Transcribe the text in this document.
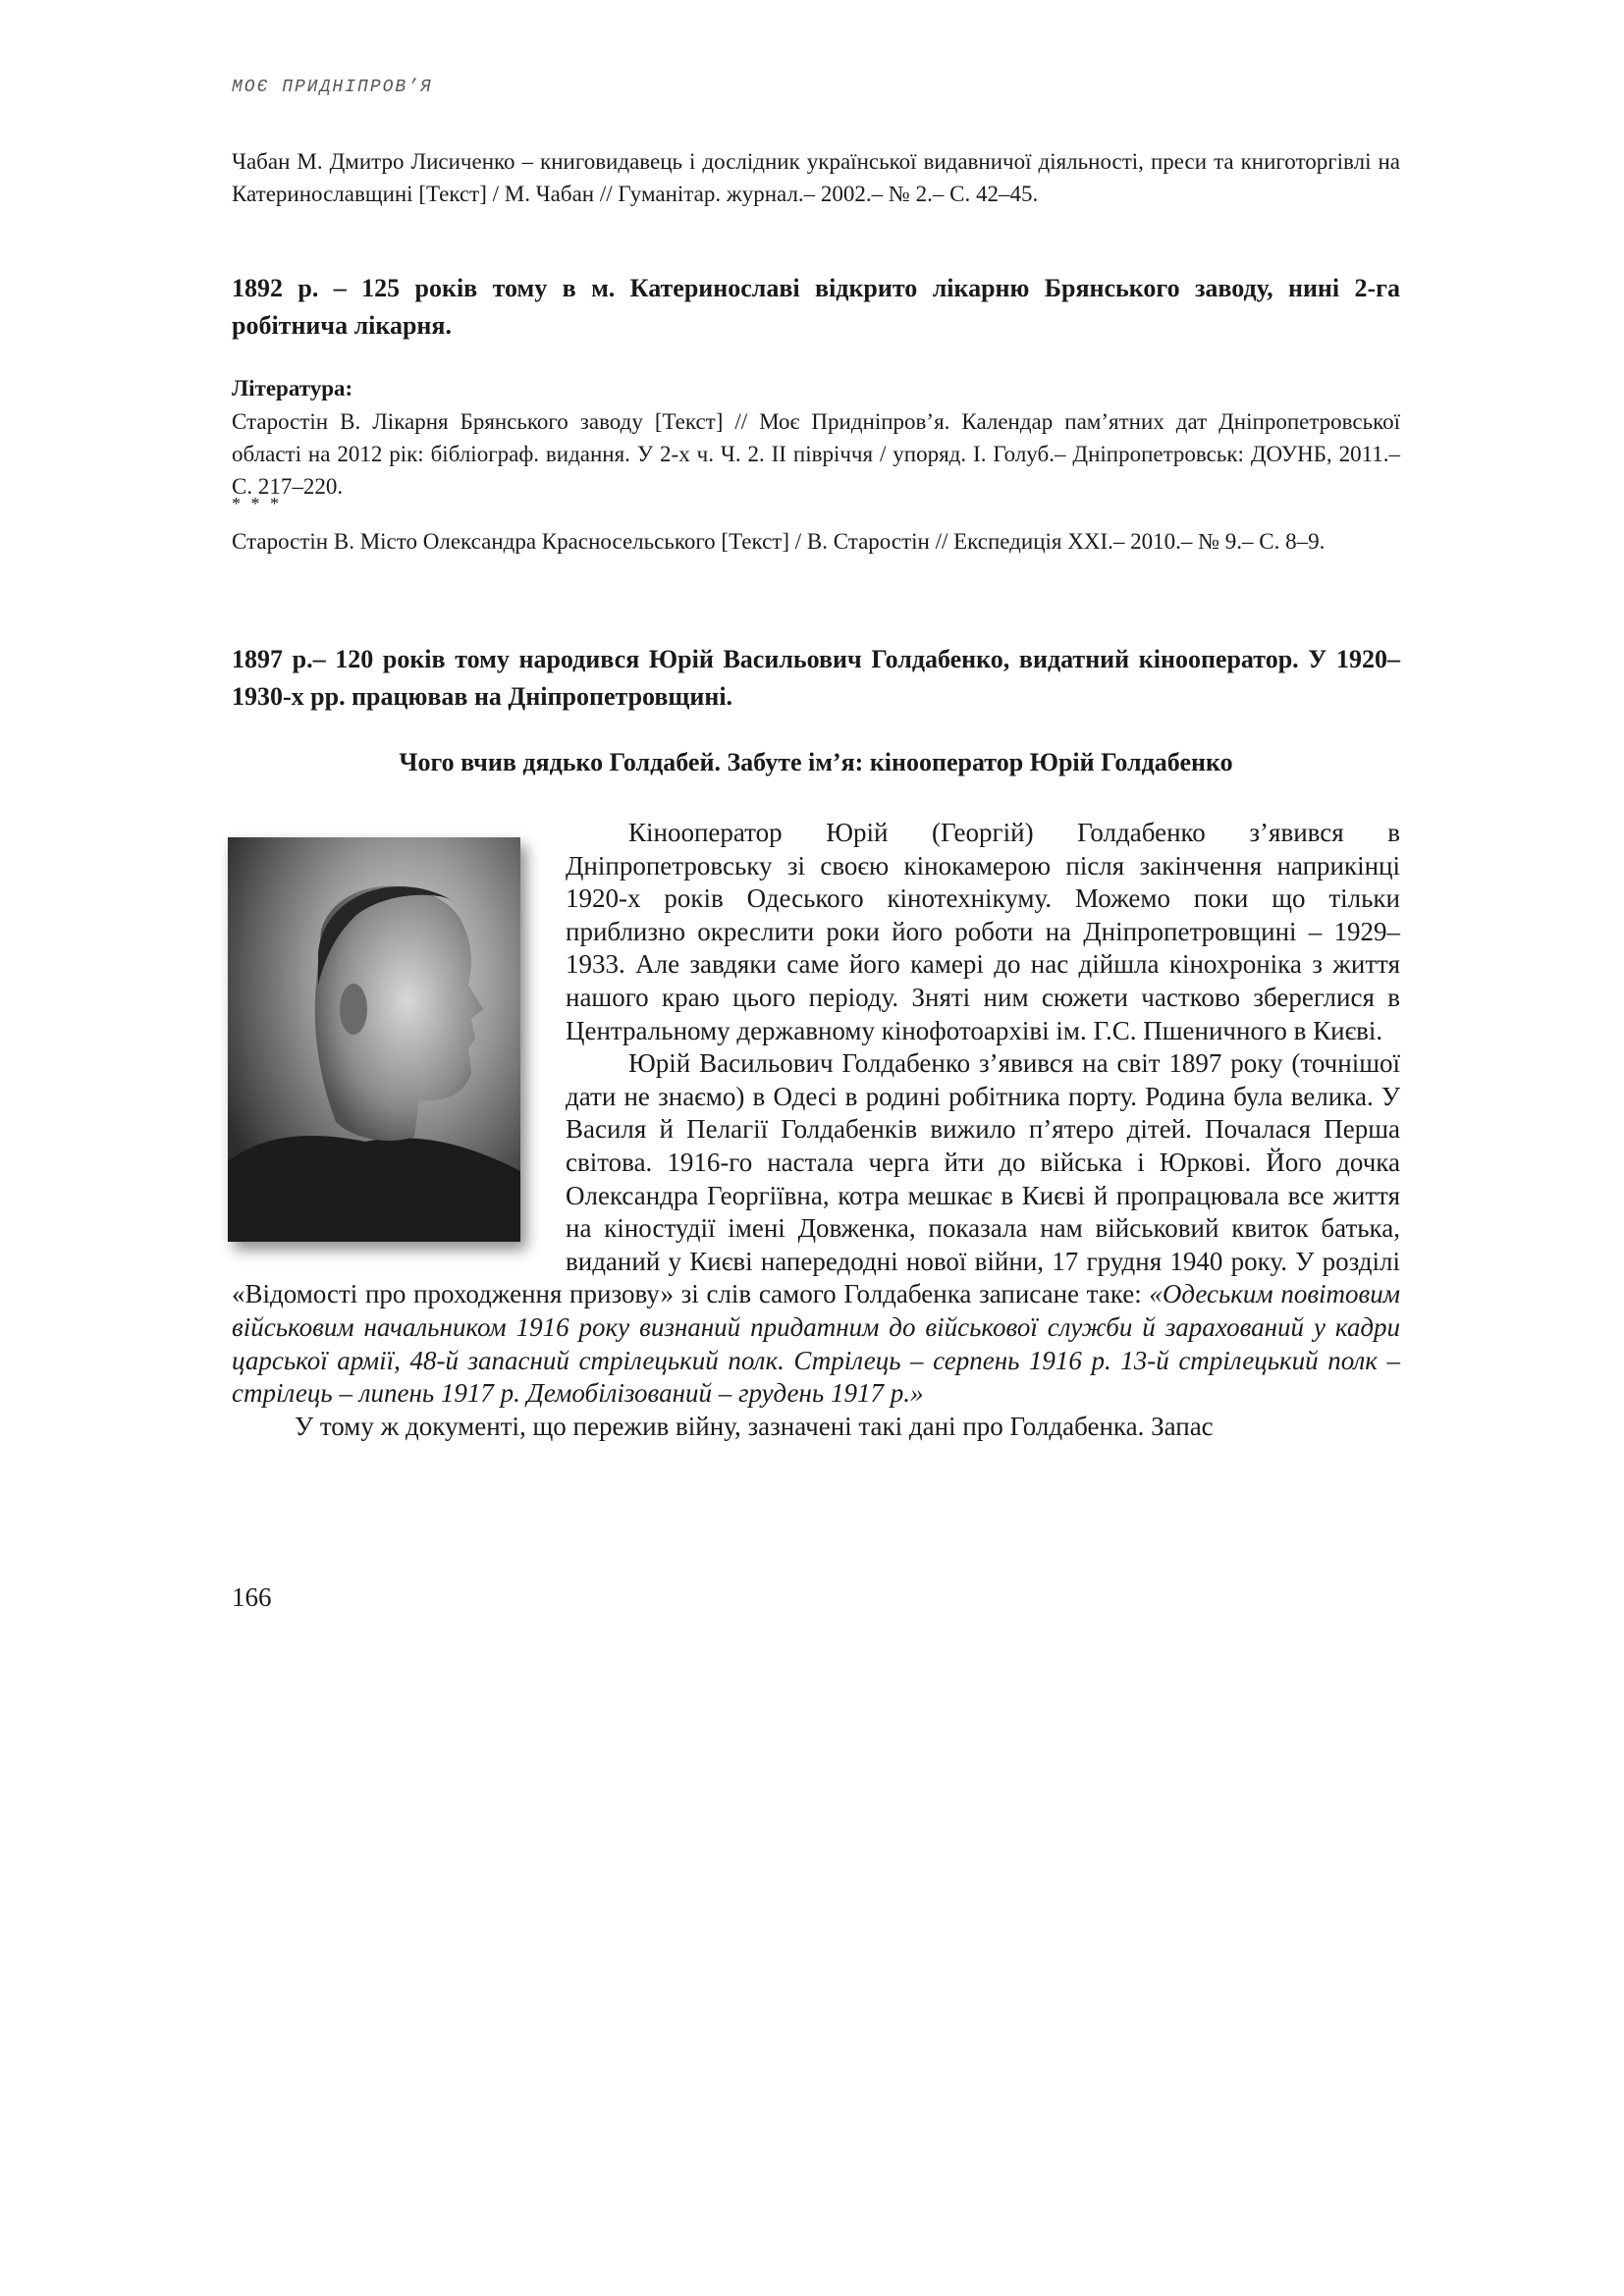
МОЄ ПРИДНІПРОВ’Я
Чабан М. Дмитро Лисиченко – книговидавець і дослідник української видавничої діяльності, преси та книготоргівлі на Катеринославщині [Текст] / М. Чабан // Гуманітар. журнал.– 2002.– № 2.– С. 42–45.
1892 р. – 125 років тому в м. Катеринославі відкрито лікарню Брянського заводу, нині 2-га робітнича лікарня.
Література:
Старостін В. Лікарня Брянського заводу [Текст] // Моє Придніпров’я. Календар пам’ятних дат Дніпропетровської області на 2012 рік: бібліограф. видання. У 2-х ч. Ч. 2. ІІ півріччя / упоряд. І. Голуб.– Дніпропетровськ: ДОУНБ, 2011.– С. 217–220.
* * *
Старостін В. Місто Олександра Красносельського [Текст] / В. Старостін // Експедиція ХХІ.– 2010.– № 9.– С. 8–9.
1897 р.– 120 років тому народився Юрій Васильович Голдабенко, видатний кінооператор. У 1920–1930-х рр. працював на Дніпропетровщині.
Чого вчив дядько Голдабей. Забуте ім’я: кінооператор Юрій Голдабенко

Кінооператор Юрій (Георгій) Голдабенко з’явився в Дніпропетровську зі своєю кінокамерою після закінчення наприкінці 1920-х років Одеського кінотехнікуму. Можемо поки що тільки приблизно окреслити роки його роботи на Дніпропетровщині – 1929–1933. Але завдяки саме його камері до нас дійшла кінохроніка з життя нашого краю цього періоду. Зняті ним сюжети частково збереглися в Центральному державному кінофотоархіві ім. Г.С. Пшеничного в Києві.

Юрій Васильович Голдабенко з’явився на світ 1897 року (точнішої дати не знаємо) в Одесі в родині робітника порту. Родина була велика. У Василя й Пелагії Голдабенків вижило п’ятеро дітей. Почалася Перша світова. 1916-го настала черга йти до війська і Юркові. Його дочка Олександра Георгіївна, котра мешкає в Києві й пропрацювала все життя на кіностудії імені Довженка, показала нам військовий квиток батька, виданий у Києві напередодні нової війни, 17 грудня 1940 року. У розділі «Відомості про проходження призову» зі слів самого Голдабенка записане таке: «Одеським повітовим військовим начальником 1916 року визнаний придатним до військової служби й зарахований у кадри царської армії, 48-й запасний стрілецький полк. Стрілець – серпень 1916 р. 13-й стрілецький полк – стрілець – липень 1917 р. Демобілізований – грудень 1917 р.»

У тому ж документі, що пережив війну, зазначені такі дані про Голдабенка. Запас

166
